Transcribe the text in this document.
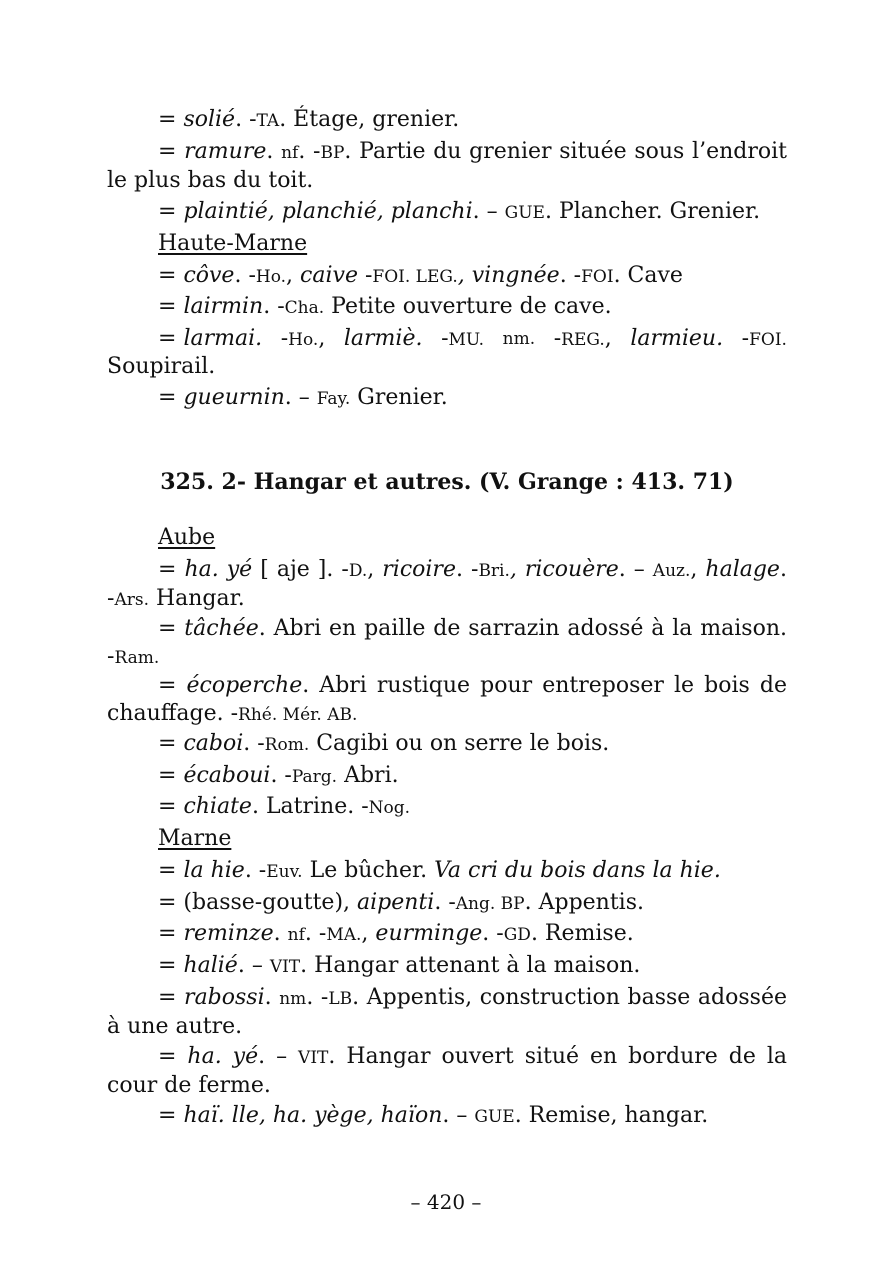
= solié. -TA. Étage, grenier.
= ramure. nf. -BP. Partie du grenier située sous l’endroit le plus bas du toit.
= plaintié, planchié, planchi. – GUE. Plancher. Grenier.
Haute-Marne
= côve. -Ho., caive -FOI. LEG., vingnée. -FOI. Cave
= lairmin. -Cha. Petite ouverture de cave.
= larmai. -Ho., larmiè. -MU. nm. -REG., larmieu. -FOI.
Soupirail.
= gueurnin. – Fay. Grenier.
325. 2- Hangar et autres. (V. Grange : 413. 71)
Aube
= ha. yé [ aje ]. -D., ricoire. -Bri., ricouère. – Auz., halage. -Ars. Hangar.
= tâchée. Abri en paille de sarrazin adossé à la maison. -Ram.
= écoperche. Abri rustique pour entreposer le bois de chauffage. -Rhé. Mér. AB.
= caboi. -Rom. Cagibi ou on serre le bois.
= écaboui. -Parg. Abri.
= chiate. Latrine. -Nog.
Marne
= la hie. -Euv. Le bûcher. Va cri du bois dans la hie.
= (basse-goutte), aipenti. -Ang. BP. Appentis.
= reminze. nf. -MA., eurminge. -GD. Remise.
= halié. – VIT. Hangar attenant à la maison.
= rabossi. nm. -LB. Appentis, construction basse adossée à une autre.
= ha. yé. – VIT. Hangar ouvert situé en bordure de la cour de ferme.
= haï. lle, ha. yège, haïon. – GUE. Remise, hangar.
– 420 –
